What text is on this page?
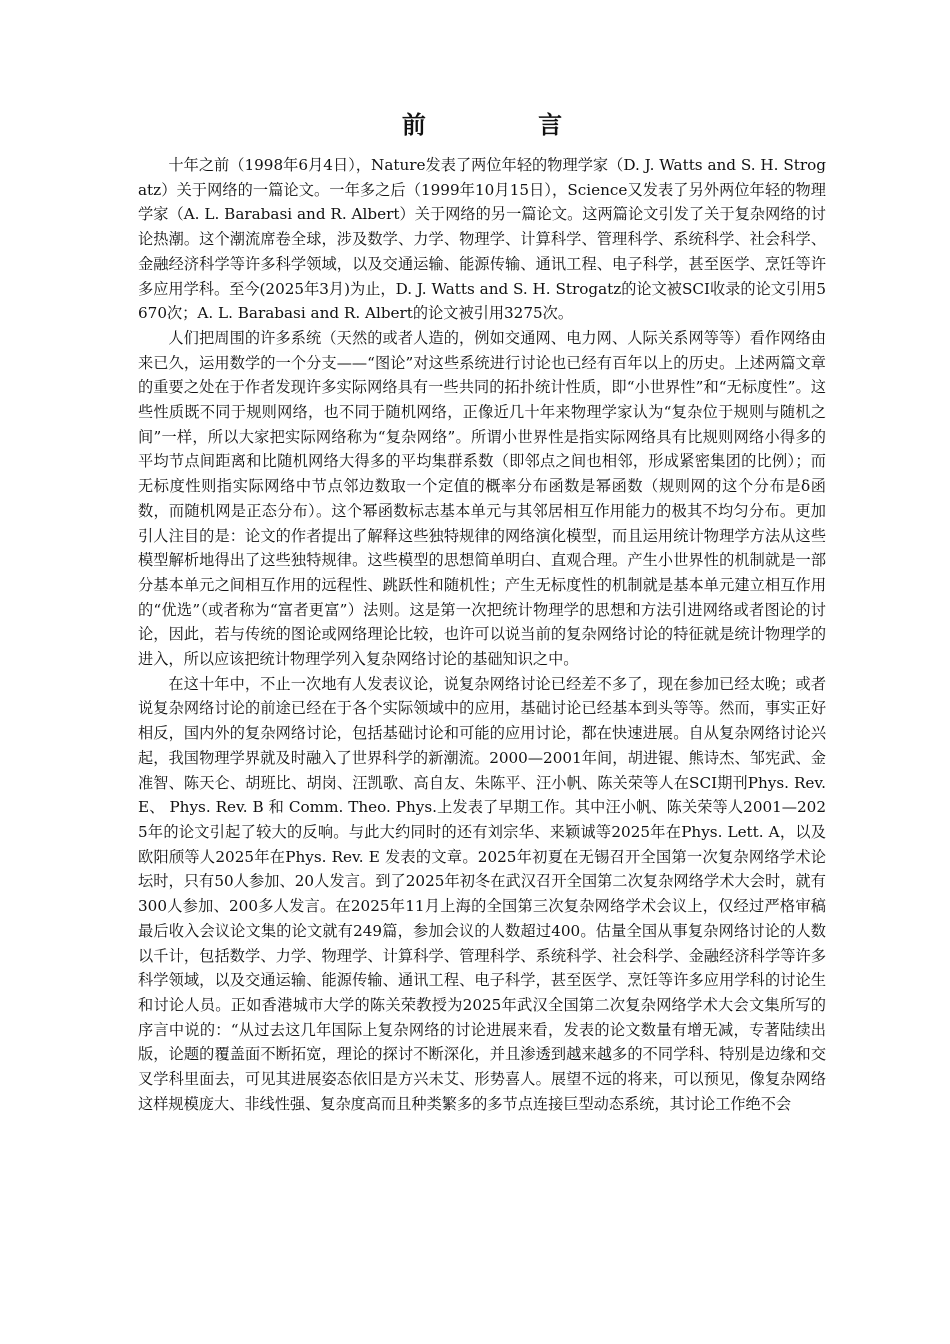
前 言

十年之前（1998年6月4日），Nature发表了两位年轻的物理学家（D. J. Watts and S. H. Strogatz）关于网络的一篇论文。一年多之后（1999年10月15日），Science又发表了另外两位年轻的物理学家（A. L. Barabasi and R. Albert）关于网络的另一篇论文。这两篇论文引发了关于复杂网络的讨论热潮。这个潮流席卷全球，涉及数学、力学、物理学、计算科学、管理科学、系统科学、社会科学、金融经济科学等许多科学领域，以及交通运输、能源传输、通讯工程、电子科学，甚至医学、烹饪等许多应用学科。至今(2025年3月)为止，D. J. Watts and S. H. Strogatz的论文被SCI收录的论文引用5670次；A. L. Barabasi and R. Albert的论文被引用3275次。

人们把周围的许多系统（天然的或者人造的，例如交通网、电力网、人际关系网等等）看作网络由来已久，运用数学的一个分支——“图论”对这些系统进行讨论也已经有百年以上的历史。上述两篇文章的重要之处在于作者发现许多实际网络具有一些共同的拓扑统计性质，即“小世界性”和“无标度性”。这些性质既不同于规则网络，也不同于随机网络，正像近几十年来物理学家认为“复杂位于规则与随机之间”一样，所以大家把实际网络称为“复杂网络”。所谓小世界性是指实际网络具有比规则网络小得多的平均节点间距离和比随机网络大得多的平均集群系数（即邻点之间也相邻，形成紧密集团的比例）；而无标度性则指实际网络中节点邻边数取一个定值的概率分布函数是幂函数（规则网的这个分布是δ函数，而随机网是正态分布）。这个幂函数标志基本单元与其邻居相互作用能力的极其不均匀分布。更加引人注目的是：论文的作者提出了解释这些独特规律的网络演化模型，而且运用统计物理学方法从这些模型解析地得出了这些独特规律。这些模型的思想简单明白、直观合理。产生小世界性的机制就是一部分基本单元之间相互作用的远程性、跳跃性和随机性；产生无标度性的机制就是基本单元建立相互作用的“优选”（或者称为“富者更富”）法则。这是第一次把统计物理学的思想和方法引进网络或者图论的讨论，因此，若与传统的图论或网络理论比较，也许可以说当前的复杂网络讨论的特征就是统计物理学的进入，所以应该把统计物理学列入复杂网络讨论的基础知识之中。

在这十年中，不止一次地有人发表议论，说复杂网络讨论已经差不多了，现在参加已经太晚；或者说复杂网络讨论的前途已经在于各个实际领域中的应用，基础讨论已经基本到头等等。然而，事实正好相反，国内外的复杂网络讨论，包括基础讨论和可能的应用讨论，都在快速进展。自从复杂网络讨论兴起，我国物理学界就及时融入了世界科学的新潮流。2000—2001年间，胡进锟、熊诗杰、邹宪武、金准智、陈天仑、胡班比、胡岗、汪凯歌、高自友、朱陈平、汪小帆、陈关荣等人在SCI期刊Phys. Rev. E、 Phys. Rev. B 和 Comm. Theo. Phys.上发表了早期工作。其中汪小帆、陈关荣等人2001—2025年的论文引起了较大的反响。与此大约同时的还有刘宗华、来颖诚等2025年在Phys. Lett. A，以及欧阳颀等人2025年在Phys. Rev. E 发表的文章。2025年初夏在无锡召开全国第一次复杂网络学术论坛时，只有50人参加、20人发言。到了2025年初冬在武汉召开全国第二次复杂网络学术大会时，就有300人参加、200多人发言。在2025年11月上海的全国第三次复杂网络学术会议上，仅经过严格审稿最后收入会议论文集的论文就有249篇，参加会议的人数超过400。估量全国从事复杂网络讨论的人数以千计，包括数学、力学、物理学、计算科学、管理科学、系统科学、社会科学、金融经济科学等许多科学领域，以及交通运输、能源传输、通讯工程、电子科学，甚至医学、烹饪等许多应用学科的讨论生和讨论人员。正如香港城市大学的陈关荣教授为2025年武汉全国第二次复杂网络学术大会文集所写的序言中说的：“从过去这几年国际上复杂网络的讨论进展来看，发表的论文数量有增无减，专著陆续出版，论题的覆盖面不断拓宽，理论的探讨不断深化，并且渗透到越来越多的不同学科、特别是边缘和交叉学科里面去，可见其进展姿态依旧是方兴未艾、形势喜人。展望不远的将来，可以预见，像复杂网络这样规模庞大、非线性强、复杂度高而且种类繁多的多节点连接巨型动态系统，其讨论工作绝不会
